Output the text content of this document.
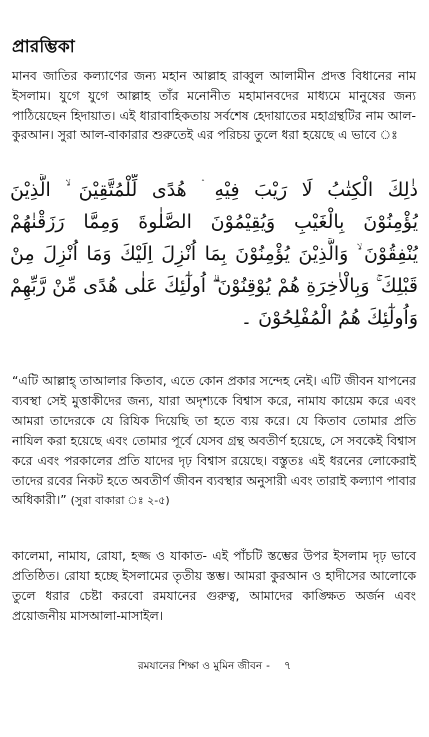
প্রারম্ভিকা

মানব জাতির কল্যাণের জন্য মহান আল্লাহ রাব্বুল আলামীন প্রদত্ত বিধানের নাম ইসলাম। যুগে যুগে আল্লাহ তাঁর মনোনীত মহামানবদের মাধ্যমে মানুষের জন্য পাঠিয়েছেন হিদায়াত। এই ধারাবাহিকতায় সর্বশেষ হেদায়াতের মহাগ্রন্থটির নাম আল-কুরআন। সুরা আল-বাকারার শুরুতেই এর পরিচয় তুলে ধরা হয়েছে এ ভাবে ঃ

ذٰلِكَ الْكِتٰبُ لَا رَيْبَ فِيْهِ ۛ هُدًى لِّلْمُتَّقِيْنَ ۙ الَّذِيْنَ

يُؤْمِنُوْنَ بِالْغَيْبِ وَيُقِيْمُوْنَ الصَّلٰوةَ وَمِمَّا رَزَقْنٰهُمْ

يُنْفِقُوْنَ ۙ وَالَّذِيْنَ يُؤْمِنُوْنَ بِمَا اُنْزِلَ اِلَيْكَ وَمَا اُنْزِلَ مِنْ

قَبْلِكَ ۚ وَبِالْاٰخِرَةِ هُمْ يُوْقِنُوْنَ ۗ اُولٰٓئِكَ عَلٰى هُدًى مِّنْ رَّبِّهِمْ

وَاُولٰٓئِكَ هُمُ الْمُفْلِحُوْنَ ۔

“এটি আল্লাহ্ তাআলার কিতাব, এতে কোন প্রকার সন্দেহ নেই। এটি জীবন যাপনের ব্যবস্থা সেই মুত্তাকীদের জন্য, যারা অদৃশ্যকে বিশ্বাস করে, নামায কায়েম করে এবং আমরা তাদেরকে যে রিযিক দিয়েছি তা হতে ব্যয় করে। যে কিতাব তোমার প্রতি নাযিল করা হয়েছে এবং তোমার পূর্বে যেসব গ্রন্থ অবতীর্ণ হয়েছে, সে সবকেই বিশ্বাস করে এবং পরকালের প্রতি যাদের দৃঢ় বিশ্বাস রয়েছে। বস্তুতঃ এই ধরনের লোকেরাই তাদের রবের নিকট হতে অবতীর্ণ জীবন ব্যবস্থার অনুসারী এবং তারাই কল্যাণ পাবার অধিকারী।” (সুরা বাকারা ঃ ২-৫)

কালেমা, নামায, রোযা, হজ্জ ও যাকাত- এই পাঁচটি স্তম্ভের উপর ইসলাম দৃঢ় ভাবে প্রতিষ্ঠিত। রোযা হচ্ছে ইসলামের তৃতীয় স্তম্ভ। আমরা কুরআন ও হাদীসের আলোকে তুলে ধরার চেষ্টা করবো রমযানের গুরুত্ব, আমাদের কাঙ্ক্ষিত অর্জন এবং প্রয়োজনীয় মাসআলা-মাসাইল।

রমযানের শিক্ষা ও মুমিন জীবন - ৭
